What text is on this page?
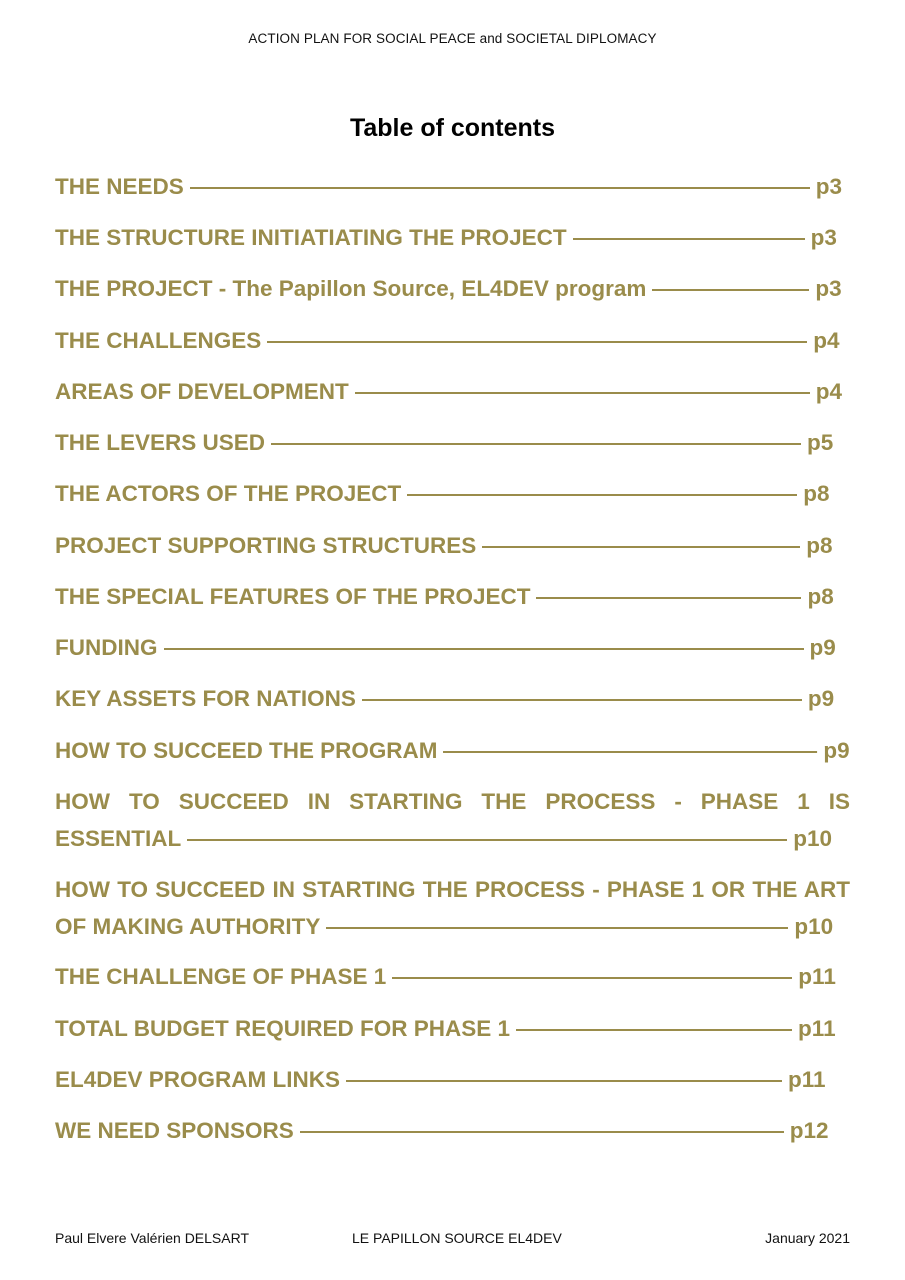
ACTION PLAN FOR SOCIAL PEACE and SOCIETAL DIPLOMACY
Table of contents
THE NEEDS	p3
THE STRUCTURE INITIATIATING THE PROJECT	p3
THE PROJECT - The Papillon Source, EL4DEV program	p3
THE CHALLENGES	p4
AREAS OF DEVELOPMENT	p4
THE LEVERS USED	p5
THE ACTORS OF THE PROJECT	p8
PROJECT SUPPORTING STRUCTURES	p8
THE SPECIAL FEATURES OF THE PROJECT	p8
FUNDING	p9
KEY ASSETS FOR NATIONS	p9
HOW TO SUCCEED THE PROGRAM	p9
HOW TO SUCCEED IN STARTING THE PROCESS - PHASE 1 IS
ESSENTIAL	p10
HOW TO SUCCEED IN STARTING THE PROCESS - PHASE 1 OR THE ART
OF MAKING AUTHORITY	p10
THE CHALLENGE OF PHASE 1	p11
TOTAL BUDGET REQUIRED FOR PHASE 1	p11
EL4DEV PROGRAM LINKS	p11
WE NEED SPONSORS	p12
Paul Elvere Valérien DELSART	LE PAPILLON SOURCE EL4DEV	January 2021
